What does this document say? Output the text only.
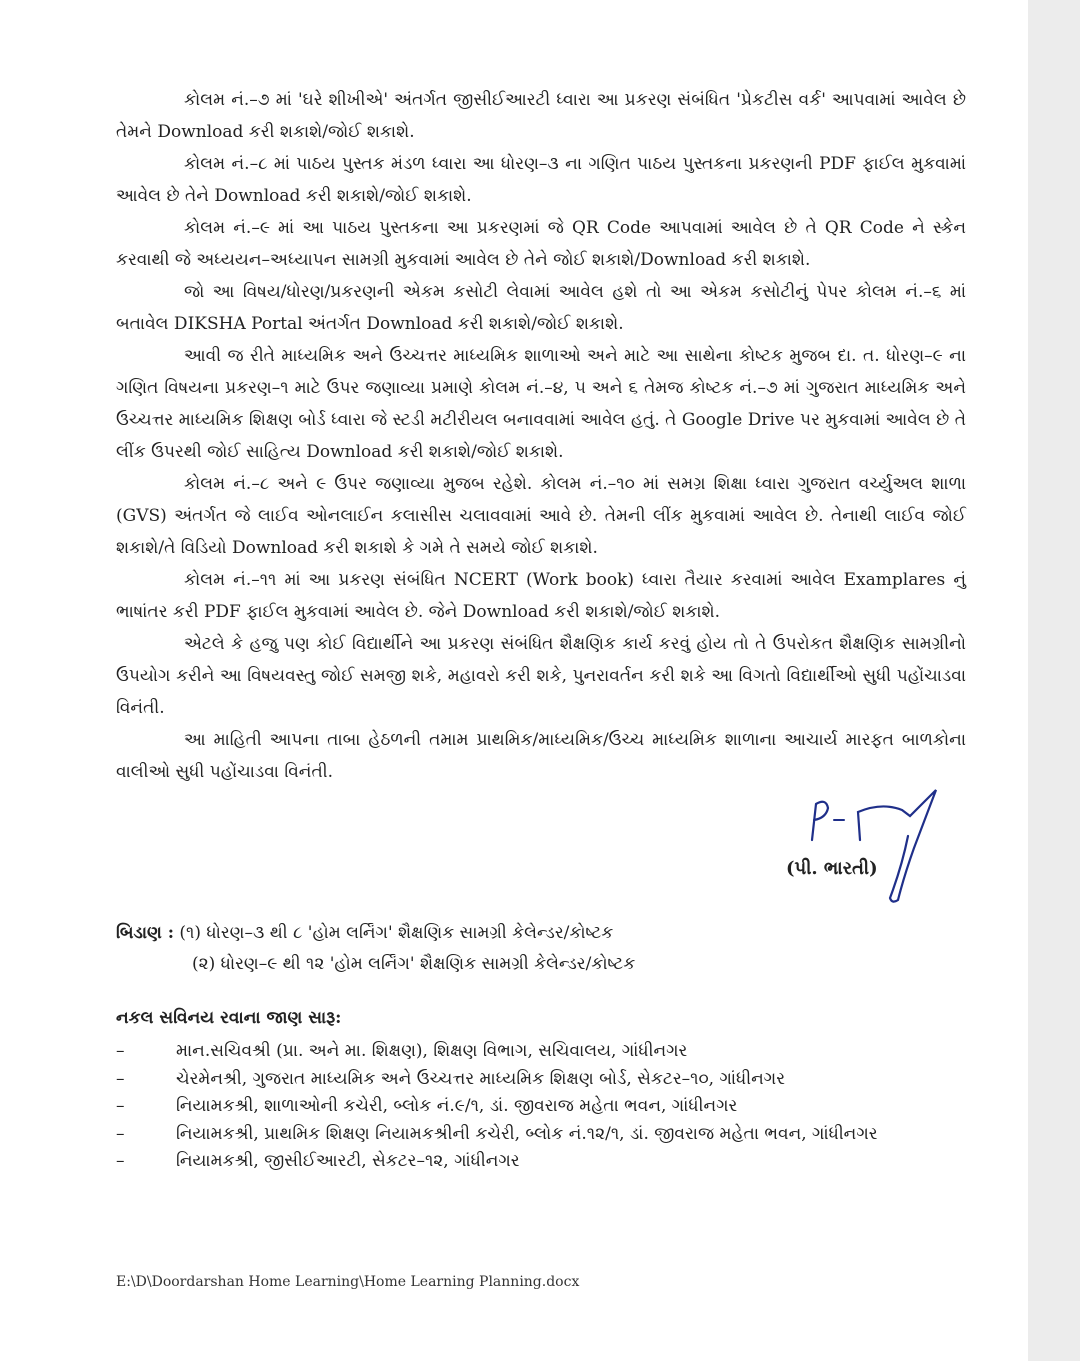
કોલમ નં.–૭ માં 'ઘરે શીખીએ' અંતર્ગત જીસીઈઆરટી ધ્વારા આ પ્રકરણ સંબંધિત 'પ્રેકટીસ વર્ક' આપવામાં આવેલ છે તેમને Download કરી શકાશે/જોઈ શકાશે.

કોલમ નં.–૮ માં પાઠય પુસ્તક મંડળ ધ્વારા આ ધોરણ–૩ ના ગણિત પાઠય પુસ્તકના પ્રકરણની PDF ફાઈલ મુકવામાં આવેલ છે તેને Download કરી શકાશે/જોઈ શકાશે.

કોલમ નં.–૯ માં આ પાઠય પુસ્તકના આ પ્રકરણમાં જે QR Code આપવામાં આવેલ છે તે QR Code ને સ્કેન કરવાથી જે અધ્યયન–અધ્યાપન સામગ્રી મુકવામાં આવેલ છે તેને જોઈ શકાશે/Download કરી શકાશે.

જો આ વિષય/ધોરણ/પ્રકરણની એકમ કસોટી લેવામાં આવેલ હશે તો આ એકમ કસોટીનું પેપર કોલમ નં.–૬ માં બતાવેલ DIKSHA Portal અંતર્ગત Download કરી શકાશે/જોઈ શકાશે.

આવી જ રીતે માધ્યમિક અને ઉચ્ચત્તર માધ્યમિક શાળાઓ અને માટે આ સાથેના કોષ્ટક મુજબ દા. ત. ધોરણ–૯ ના ગણિત વિષયના પ્રકરણ–૧ માટે ઉપર જણાવ્યા પ્રમાણે કોલમ નં.–૪, ૫ અને ૬ તેમજ કોષ્ટક નં.–૭ માં ગુજરાત માધ્યમિક અને ઉચ્ચત્તર માધ્યમિક શિક્ષણ બોર્ડ ધ્વારા જે સ્ટડી મટીરીયલ બનાવવામાં આવેલ હતું. તે Google Drive પર મુકવામાં આવેલ છે તે લીંક ઉપરથી જોઈ સાહિત્ય Download કરી શકાશે/જોઈ શકાશે.

કોલમ નં.–૮ અને ૯ ઉપર જણાવ્યા મુજબ રહેશે. કોલમ નં.–૧૦ માં સમગ્ર શિક્ષા ધ્વારા ગુજરાત વર્ચ્યુઅલ શાળા (GVS) અંતર્ગત જે લાઈવ ઓનલાઈન કલાસીસ ચલાવવામાં આવે છે. તેમની લીંક મુકવામાં આવેલ છે. તેનાથી લાઈવ જોઈ શકાશે/તે વિડિયો Download કરી શકાશે કે ગમે તે સમયે જોઈ શકાશે.

કોલમ નં.–૧૧ માં આ પ્રકરણ સંબંધિત NCERT (Work book) ધ્વારા તૈયાર કરવામાં આવેલ Examplares નું ભાષાંતર કરી PDF ફાઈલ મુકવામાં આવેલ છે. જેને Download કરી શકાશે/જોઈ શકાશે.

એટલે કે હજુ પણ કોઈ વિદ્યાર્થીને આ પ્રકરણ સંબંધિત શૈક્ષણિક કાર્ય કરવું હોય તો તે ઉપરોકત શૈક્ષણિક સામગ્રીનો ઉપયોગ કરીને આ વિષયવસ્તુ જોઈ સમજી શકે, મહાવરો કરી શકે, પુનરાવર્તન કરી શકે આ વિગતો વિદ્યાર્થીઓ સુધી પહોંચાડવા વિનંતી.

આ માહિતી આપના તાબા હેઠળની તમામ પ્રાથમિક/માધ્યમિક/ઉચ્ચ માધ્યમિક શાળાના આચાર્ય મારફત બાળકોના વાલીઓ સુધી પહોંચાડવા વિનંતી.

(પી. ભારતી)
બિડાણ : (૧) ધોરણ–૩ થી ૮ 'હોમ લર્નિંગ' શૈક્ષણિક સામગ્રી કેલેન્ડર/કોષ્ટક
(૨) ધોરણ–૯ થી ૧૨ 'હોમ લર્નિંગ' શૈક્ષણિક સામગ્રી કેલેન્ડર/કોષ્ટક

નકલ સવિનય રવાના જાણ સારૂ:

–	માન.સચિવશ્રી (પ્રા. અને મા. શિક્ષણ), શિક્ષણ વિભાગ, સચિવાલય, ગાંધીનગર
–	ચેરમેનશ્રી, ગુજરાત માધ્યમિક અને ઉચ્ચત્તર માધ્યમિક શિક્ષણ બોર્ડ, સેકટર–૧૦, ગાંધીનગર
–	નિયામકશ્રી, શાળાઓની કચેરી, બ્લોક નં.૯/૧, ડાં. જીવરાજ મહેતા ભવન, ગાંધીનગર
–	નિયામકશ્રી, પ્રાથમિક શિક્ષણ નિયામકશ્રીની કચેરી, બ્લોક નં.૧૨/૧, ડાં. જીવરાજ મહેતા ભવન, ગાંધીનગર
–	નિયામકશ્રી, જીસીઈઆરટી, સેકટર–૧૨, ગાંધીનગર
E:\D\Doordarshan Home Learning\Home Learning Planning.docx
